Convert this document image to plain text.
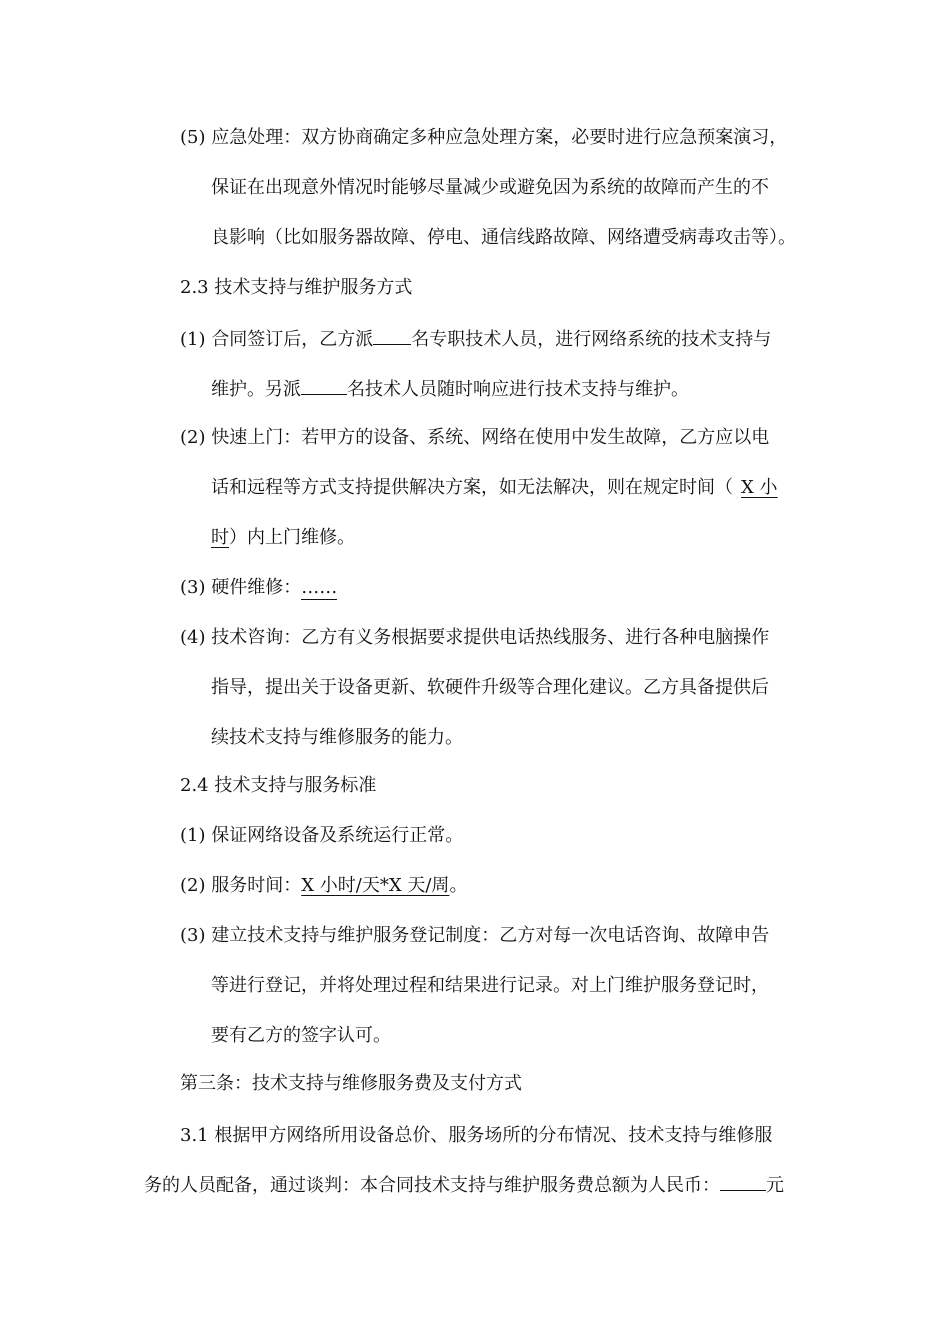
(5) 应急处理：双方协商确定多种应急处理方案，必要时进行应急预案演习，
保证在出现意外情况时能够尽量减少或避免因为系统的故障而产生的不
良影响（比如服务器故障、停电、通信线路故障、网络遭受病毒攻击等）。
2.3 技术支持与维护服务方式
(1) 合同签订后，乙方派 名专职技术人员，进行网络系统的技术支持与
维护。另派	名技术人员随时响应进行技术支持与维护。
(2) 快速上门：若甲方的设备、系统、网络在使用中发生故障，乙方应以电
话和远程等方式支持提供解决方案，如无法解决，则在规定时间（ X 小
时）内上门维修。
(3) 硬件维修：……
(4) 技术咨询：乙方有义务根据要求提供电话热线服务、进行各种电脑操作
指导，提出关于设备更新、软硬件升级等合理化建议。乙方具备提供后
续技术支持与维修服务的能力。
2.4 技术支持与服务标准
(1) 保证网络设备及系统运行正常。
(2) 服务时间：X 小时/天*X 天/周。
(3) 建立技术支持与维护服务登记制度：乙方对每一次电话咨询、故障申告
等进行登记，并将处理过程和结果进行记录。对上门维护服务登记时，
要有乙方的签字认可。
第三条：技术支持与维修服务费及支付方式
3.1 根据甲方网络所用设备总价、服务场所的分布情况、技术支持与维修服
务的人员配备，通过谈判：本合同技术支持与维护服务费总额为人民币：	元
